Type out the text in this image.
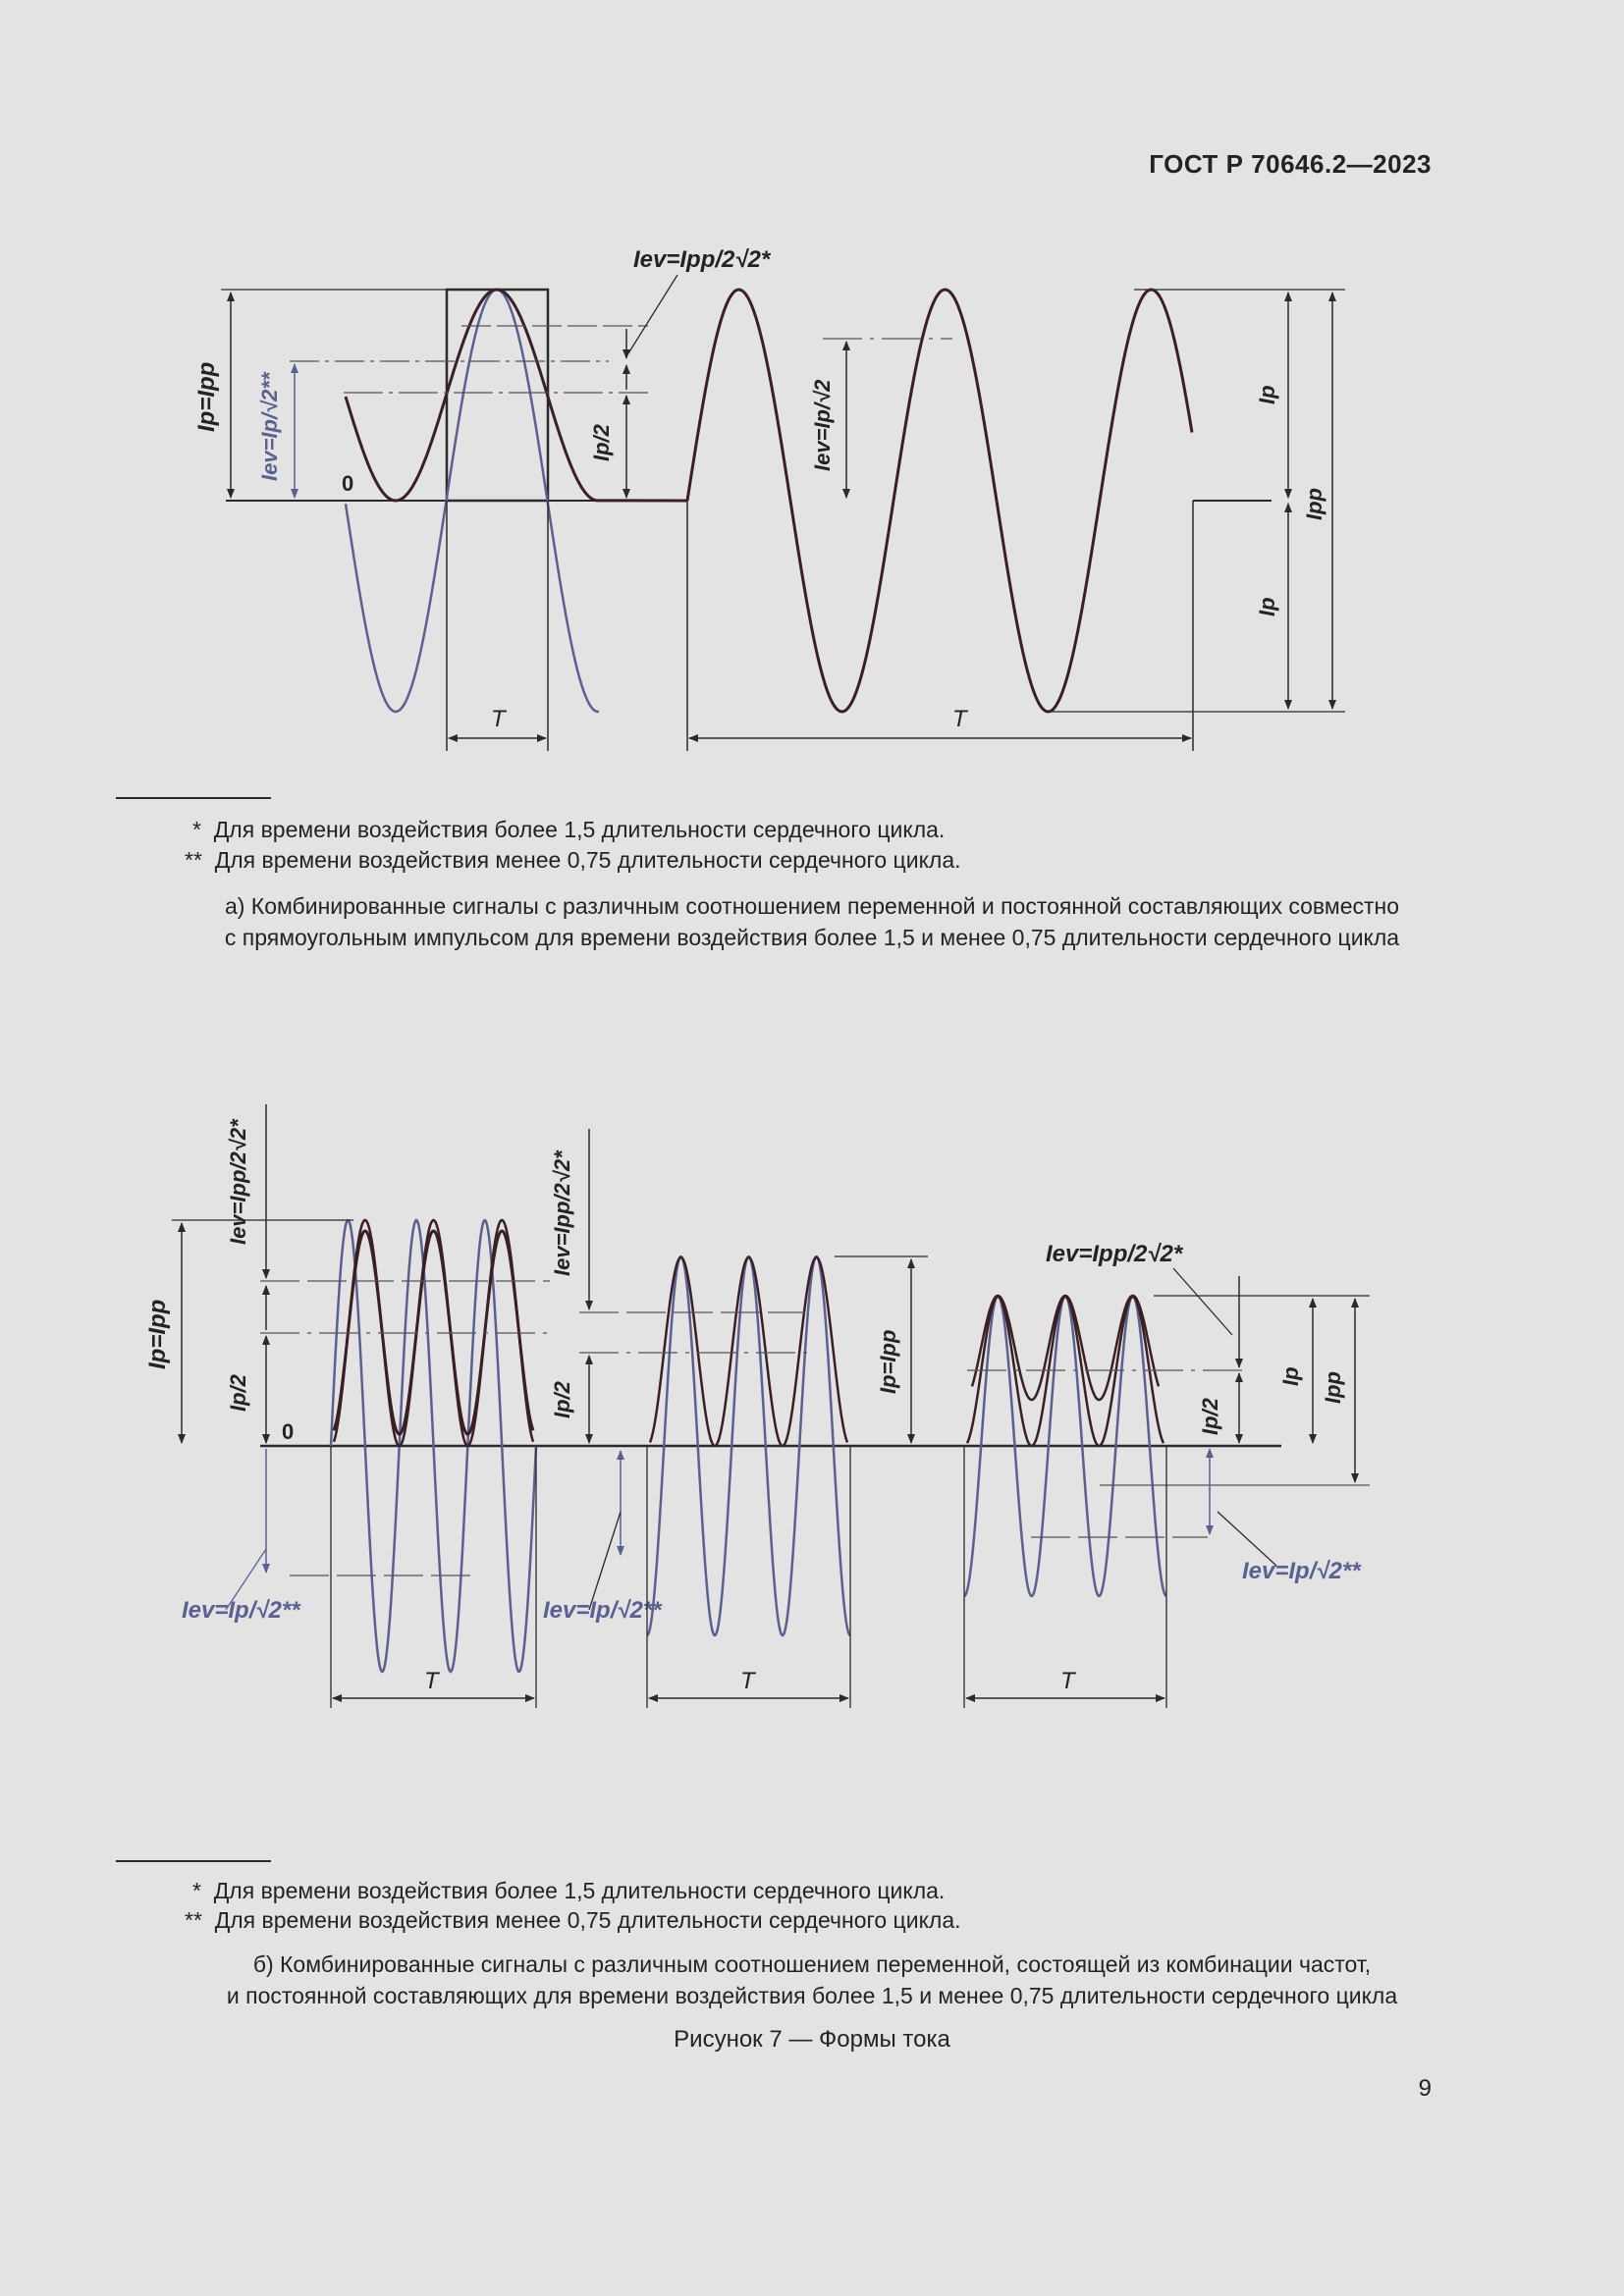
ГОСТ Р 70646.2—2023
T	T
Ip=Ipp Iev=Ip/√2**
0
Ip/2
Iev=Ipp/2√2*
Iev=Ip/√2	Ip
Ip
Ipp
* Для времени воздействия более 1,5 длительности сердечного цикла.
** Для времени воздействия менее 0,75 длительности сердечного цикла.
а) Комбинированные сигналы с различным соотношением переменной и постоянной составляющих совместно
с прямоугольным импульсом для времени воздействия более 1,5 и менее 0,75 длительности сердечного цикла
Ip=Ipp
Iev=Ipp/2√2*
Ip/2
0
Iev=Ip/√2**
Iev=Ipp/2√2*
Ip/2
Iev=Ip/√2**
Ip=Ipp
Iev=Ipp/2√2*
Ip/2
Ip Ipp
Iev=Ip/√2**
T	T	T
* Для времени воздействия более 1,5 длительности сердечного цикла.
** Для времени воздействия менее 0,75 длительности сердечного цикла.
б) Комбинированные сигналы с различным соотношением переменной, состоящей из комбинации частот,
и постоянной составляющих для времени воздействия более 1,5 и менее 0,75 длительности сердечного цикла
Рисунок 7 — Формы тока
9
